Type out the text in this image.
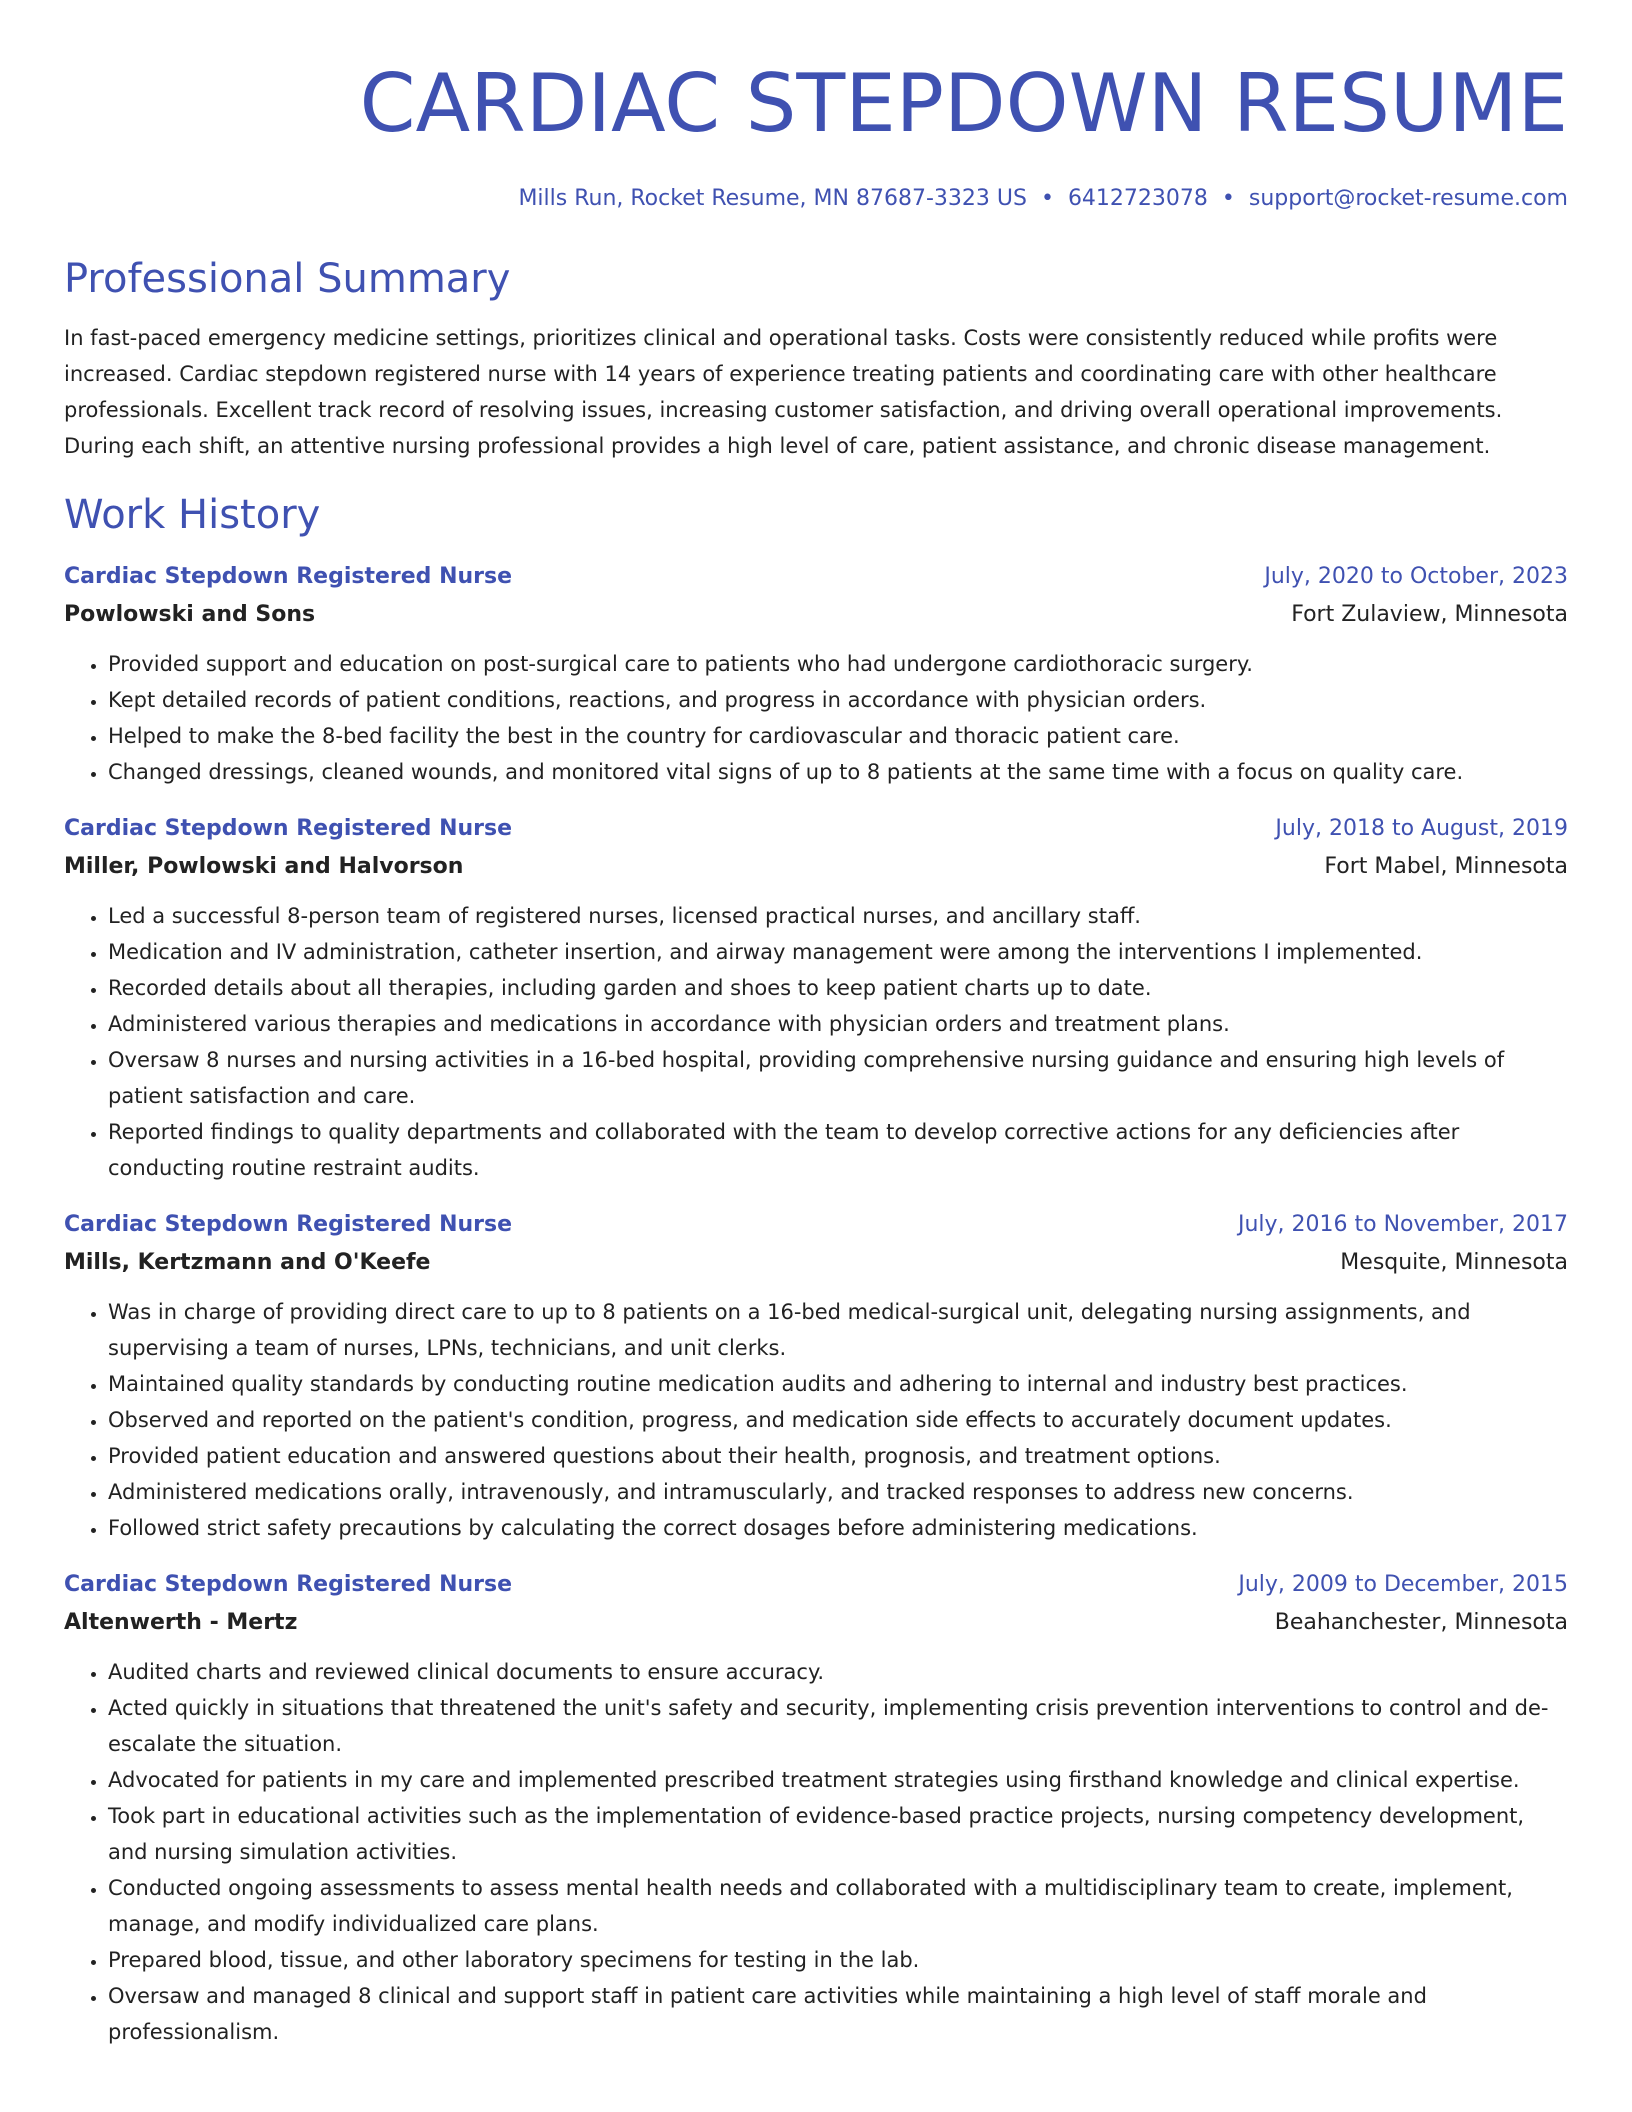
CARDIAC STEPDOWN RESUME
Mills Run, Rocket Resume, MN 87687-3323 US • 6412723078 • support@rocket-resume.com
Professional Summary
In fast-paced emergency medicine settings, prioritizes clinical and operational tasks. Costs were consistently reduced while profits were increased. Cardiac stepdown registered nurse with 14 years of experience treating patients and coordinating care with other healthcare professionals. Excellent track record of resolving issues, increasing customer satisfaction, and driving overall operational improvements. During each shift, an attentive nursing professional provides a high level of care, patient assistance, and chronic disease management.
Work History
Cardiac Stepdown Registered Nurse	July, 2020 to October, 2023
Powlowski and Sons	Fort Zulaview, Minnesota
• Provided support and education on post-surgical care to patients who had undergone cardiothoracic surgery.
• Kept detailed records of patient conditions, reactions, and progress in accordance with physician orders.
• Helped to make the 8-bed facility the best in the country for cardiovascular and thoracic patient care.
• Changed dressings, cleaned wounds, and monitored vital signs of up to 8 patients at the same time with a focus on quality care.
Cardiac Stepdown Registered Nurse	July, 2018 to August, 2019
Miller, Powlowski and Halvorson	Fort Mabel, Minnesota
• Led a successful 8-person team of registered nurses, licensed practical nurses, and ancillary staff.
• Medication and IV administration, catheter insertion, and airway management were among the interventions I implemented.
• Recorded details about all therapies, including garden and shoes to keep patient charts up to date.
• Administered various therapies and medications in accordance with physician orders and treatment plans.
• Oversaw 8 nurses and nursing activities in a 16-bed hospital, providing comprehensive nursing guidance and ensuring high levels of patient satisfaction and care.
• Reported findings to quality departments and collaborated with the team to develop corrective actions for any deficiencies after conducting routine restraint audits.
Cardiac Stepdown Registered Nurse	July, 2016 to November, 2017
Mills, Kertzmann and O'Keefe	Mesquite, Minnesota
• Was in charge of providing direct care to up to 8 patients on a 16-bed medical-surgical unit, delegating nursing assignments, and supervising a team of nurses, LPNs, technicians, and unit clerks.
• Maintained quality standards by conducting routine medication audits and adhering to internal and industry best practices.
• Observed and reported on the patient's condition, progress, and medication side effects to accurately document updates.
• Provided patient education and answered questions about their health, prognosis, and treatment options.
• Administered medications orally, intravenously, and intramuscularly, and tracked responses to address new concerns.
• Followed strict safety precautions by calculating the correct dosages before administering medications.
Cardiac Stepdown Registered Nurse	July, 2009 to December, 2015
Altenwerth - Mertz	Beahanchester, Minnesota
• Audited charts and reviewed clinical documents to ensure accuracy.
• Acted quickly in situations that threatened the unit's safety and security, implementing crisis prevention interventions to control and de-escalate the situation.
• Advocated for patients in my care and implemented prescribed treatment strategies using firsthand knowledge and clinical expertise.
• Took part in educational activities such as the implementation of evidence-based practice projects, nursing competency development, and nursing simulation activities.
• Conducted ongoing assessments to assess mental health needs and collaborated with a multidisciplinary team to create, implement, manage, and modify individualized care plans.
• Prepared blood, tissue, and other laboratory specimens for testing in the lab.
• Oversaw and managed 8 clinical and support staff in patient care activities while maintaining a high level of staff morale and professionalism.
